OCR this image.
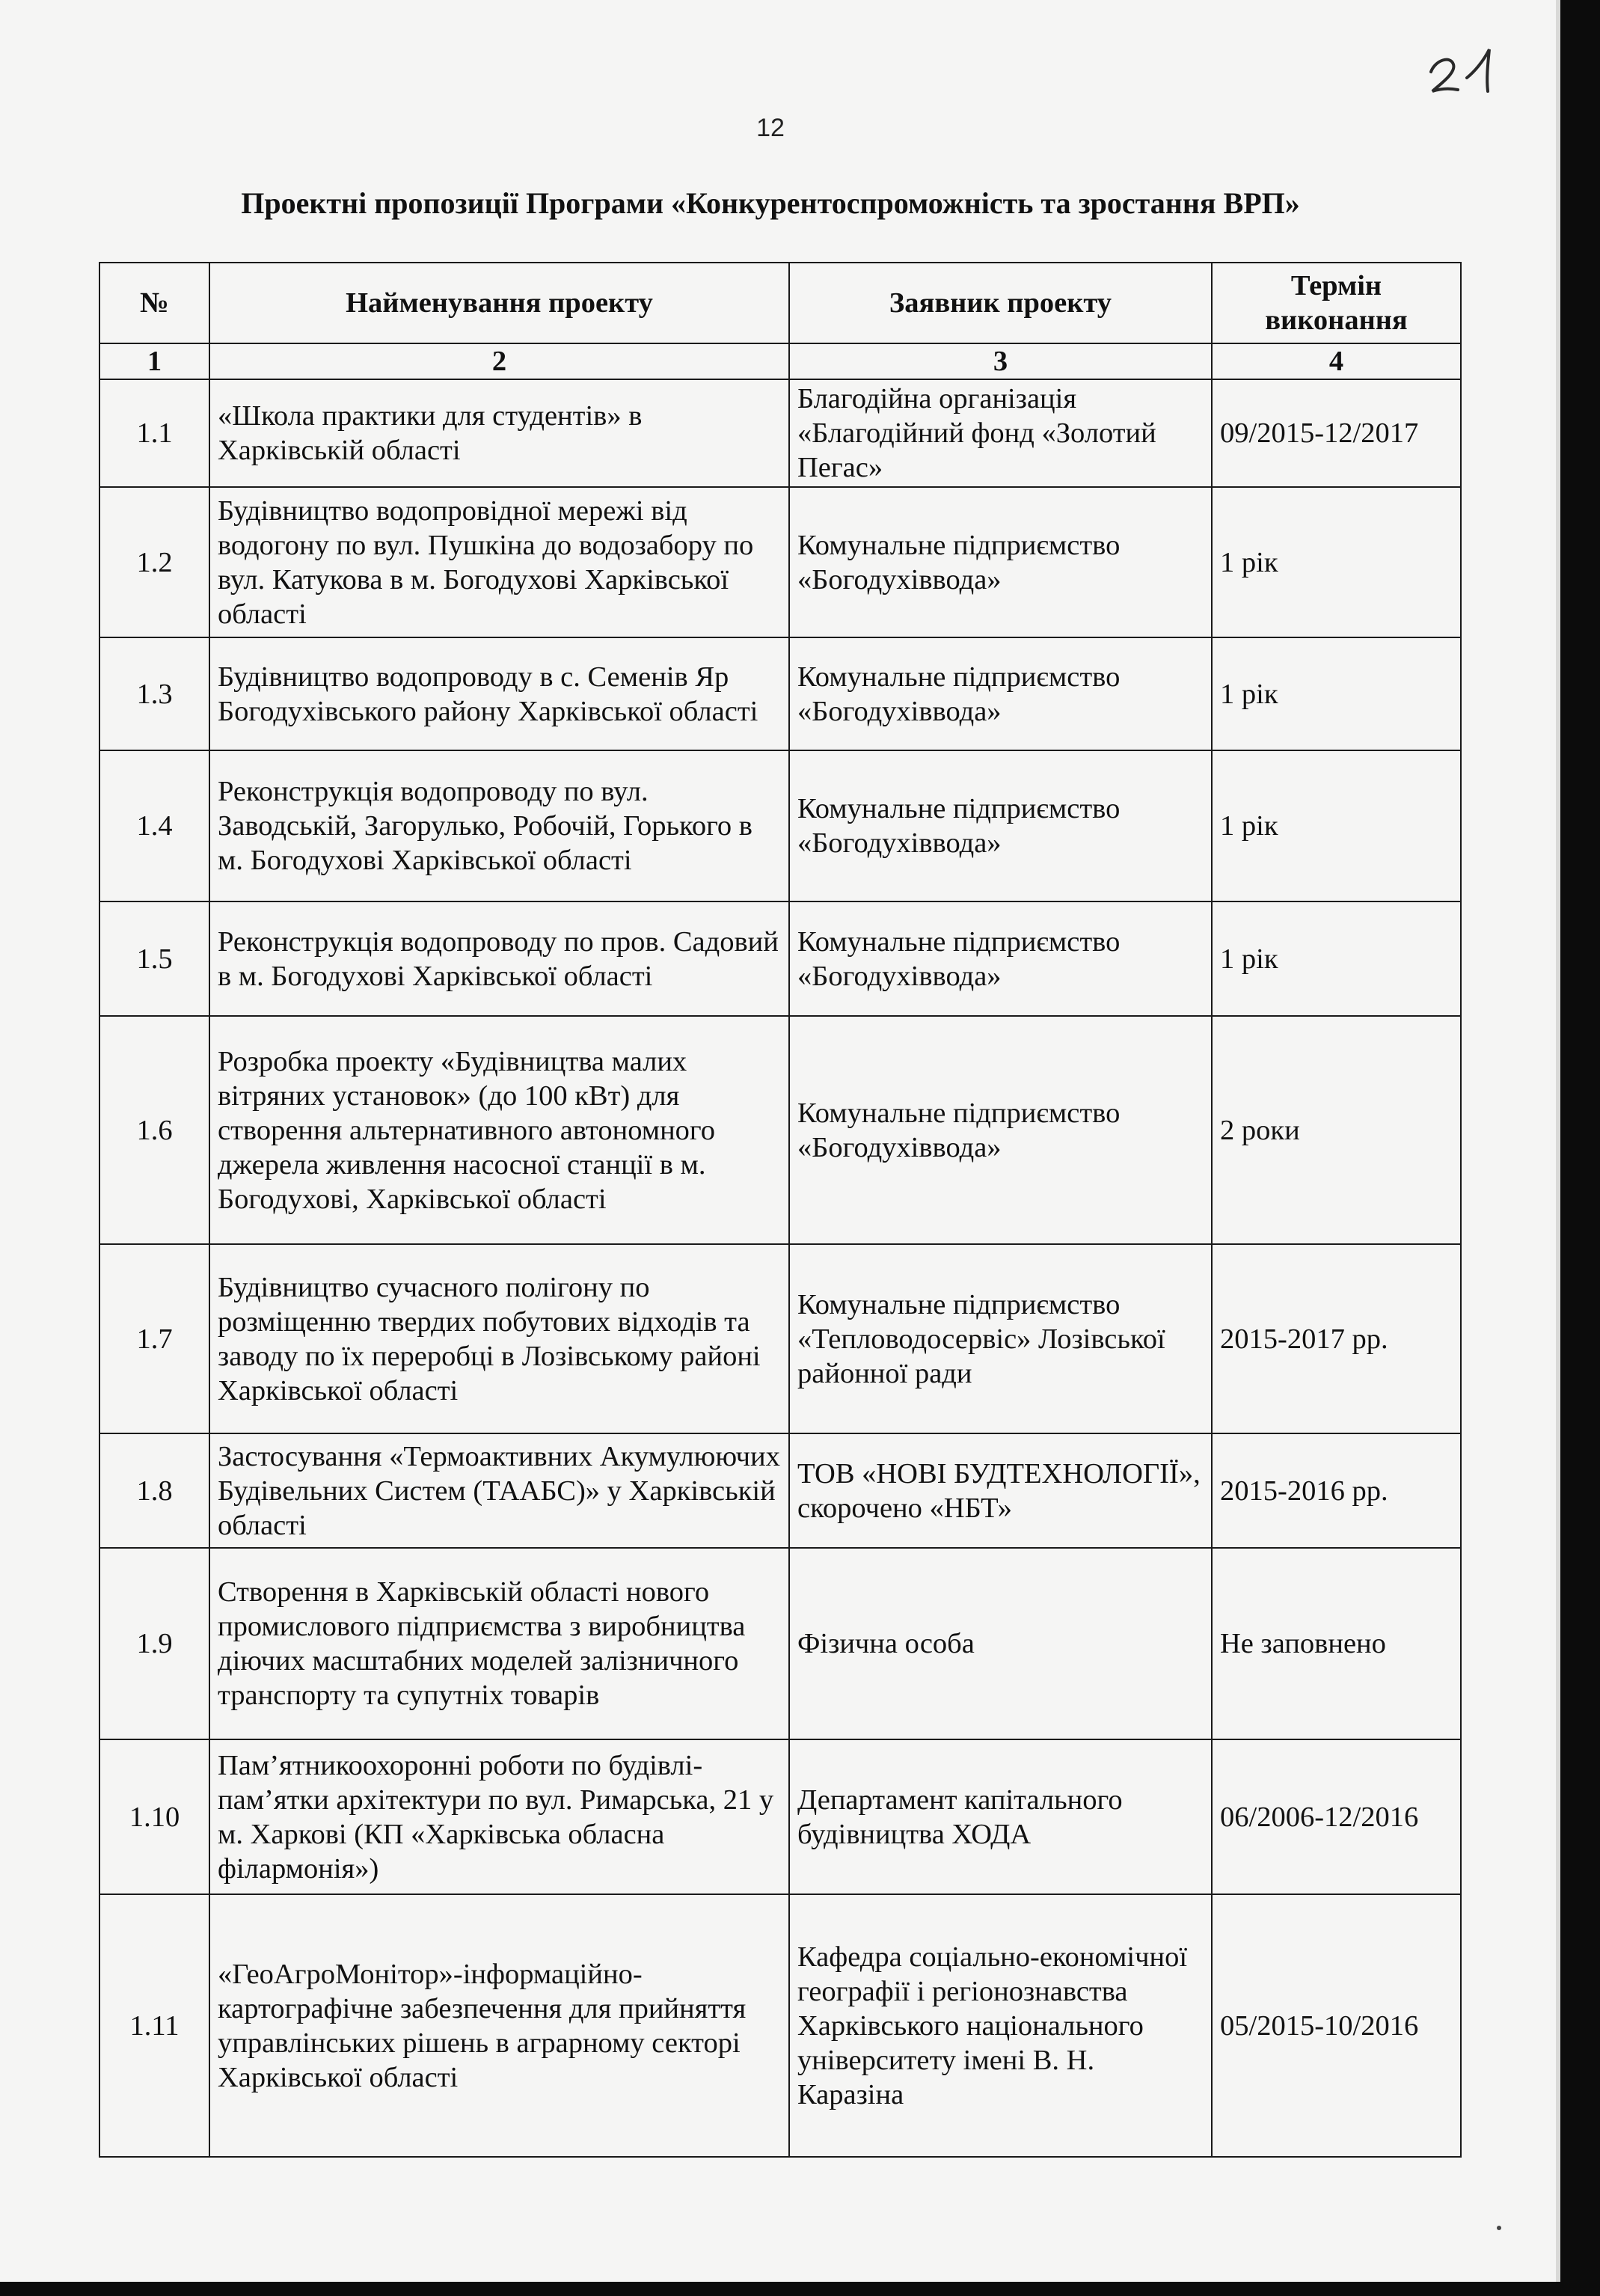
12
Проектні пропозиції Програми «Конкурентоспроможність та зростання ВРП»
№	Найменування проекту	Заявник проекту	Термін виконання
1	2	3	4
1.1	«Школа практики для студентів» в Харківській області	Благодійна організація «Благодійний фонд «Золотий Пегас»	09/2015-12/2017
1.2	Будівництво водопровідної мережі від водогону по вул. Пушкіна до водозабору по вул. Катукова в м. Богодухові Харківської області	Комунальне підприємство «Богодухівводa»	1 рік
1.3	Будівництво водопроводу в с. Семенів Яр Богодухівського району Харківської області	Комунальне підприємство «Богодухівводa»	1 рік
1.4	Реконструкція водопроводу по вул. Заводській, Загорулько, Робочій, Горького в м. Богодухові Харківської області	Комунальне підприємство «Богодухівводa»	1 рік
1.5	Реконструкція водопроводу по пров. Садовий в м. Богодухові Харківської області	Комунальне підприємство «Богодухівводa»	1 рік
1.6	Розробка проекту «Будівництва малих вітряних установок» (до 100 кВт) для створення альтернативного автономного джерела живлення насосної станції в м. Богодухові, Харківської області	Комунальне підприємство «Богодухівводa»	2 роки
1.7	Будівництво сучасного полігону по розміщенню твердих побутових відходів та заводу по їх переробці в Лозівському районі Харківської області	Комунальне підприємство «Тепловодосервіс» Лозівської районної ради	2015-2017 рр.
1.8	Застосування «Термоактивних Акумулюючих Будівельних Систем (ТААБС)» у Харківській області	ТОВ «НОВІ БУДТЕХНОЛОГІЇ», скорочено «НБТ»	2015-2016 рр.
1.9	Створення в Харківській області нового промислового підприємства з виробництва діючих масштабних моделей залізничного транспорту та супутніх товарів	Фізична особа	Не заповнено
1.10	Пам’ятникоохоронні роботи по будівлі-пам’ятки архітектури по вул. Римарська, 21 у м. Харкові (КП «Харківська обласна філармонія»)	Департамент капітального будівництва ХОДА	06/2006-12/2016
1.11	«ГеоАгроМонітор»-інформаційно-картографічне забезпечення для прийняття управлінських рішень в аграрному секторі Харківської області	Кафедра соціально-економічної географії і регіонознавства Харківського національного університету імені В. Н. Каразіна	05/2015-10/2016
